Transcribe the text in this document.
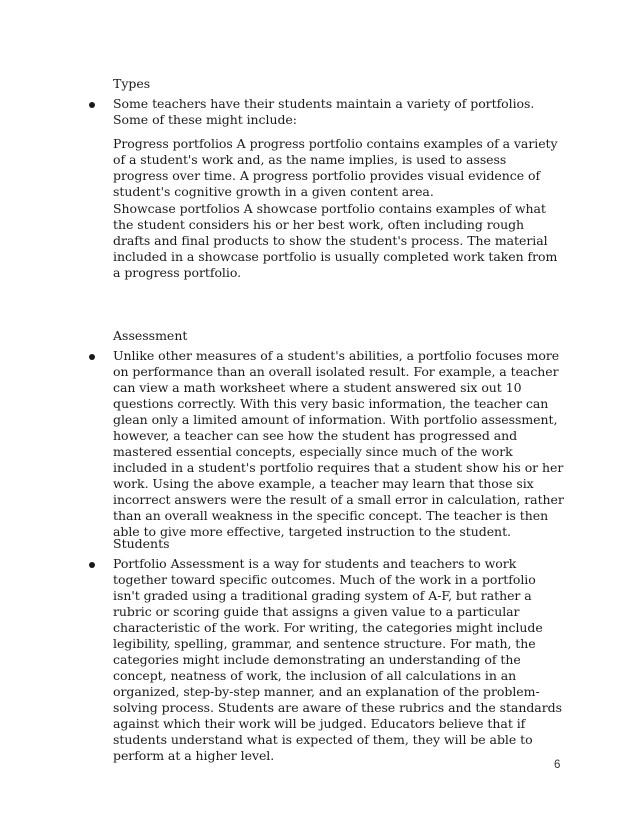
Types

Some teachers have their students maintain a variety of portfolios. Some of these might include:

Progress portfolios A progress portfolio contains examples of a variety of a student's work and, as the name implies, is used to assess progress over time. A progress portfolio provides visual evidence of student's cognitive growth in a given content area.

Showcase portfolios A showcase portfolio contains examples of what the student considers his or her best work, often including rough drafts and final products to show the student's process. The material included in a showcase portfolio is usually completed work taken from a progress portfolio.

Assessment

Unlike other measures of a student's abilities, a portfolio focuses more on performance than an overall isolated result. For example, a teacher can view a math worksheet where a student answered six out 10 questions correctly. With this very basic information, the teacher can glean only a limited amount of information. With portfolio assessment, however, a teacher can see how the student has progressed and mastered essential concepts, especially since much of the work included in a student's portfolio requires that a student show his or her work. Using the above example, a teacher may learn that those six incorrect answers were the result of a small error in calculation, rather than an overall weakness in the specific concept. The teacher is then able to give more effective, targeted instruction to the student.

Students

Portfolio Assessment is a way for students and teachers to work together toward specific outcomes. Much of the work in a portfolio isn't graded using a traditional grading system of A-F, but rather a rubric or scoring guide that assigns a given value to a particular characteristic of the work. For writing, the categories might include legibility, spelling, grammar, and sentence structure. For math, the categories might include demonstrating an understanding of the concept, neatness of work, the inclusion of all calculations in an organized, step-by-step manner, and an explanation of the problem-solving process. Students are aware of these rubrics and the standards against which their work will be judged. Educators believe that if students understand what is expected of them, they will be able to perform at a higher level.

6
